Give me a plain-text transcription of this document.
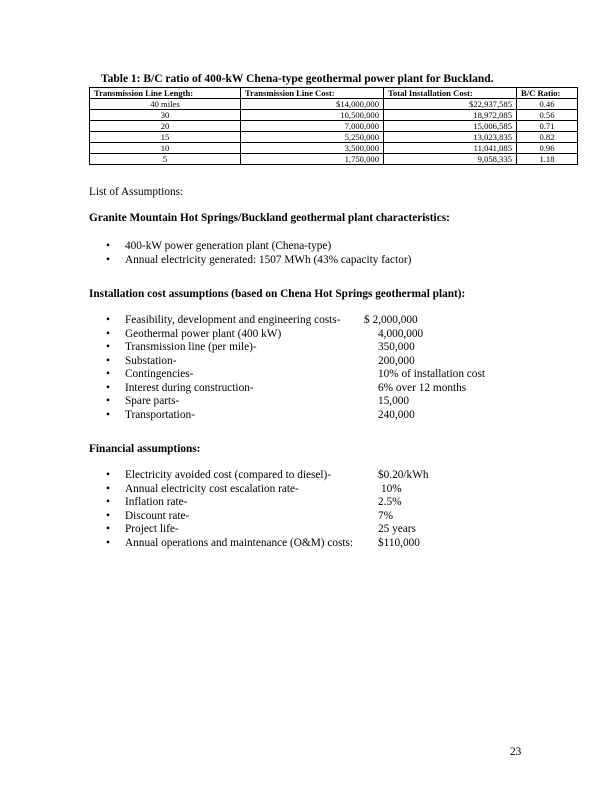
Table 1: B/C ratio of 400-kW Chena-type geothermal power plant for Buckland.
Transmission Line Length:	Transmission Line Cost:	Total Installation Cost:	B/C Ratio:
40 miles	$14,000,000	$22,937,585	0.46
30	10,500,000	18,972,085	0.56
20	7,000,000	15,006,585	0.71
15	5,250,000	13,023,835	0.82
10	3,500,000	11,041,085	0.96
5	1,750,000	9,058,335	1.18
List of Assumptions:
Granite Mountain Hot Springs/Buckland geothermal plant characteristics:
• 400-kW power generation plant (Chena-type)
• Annual electricity generated: 1507 MWh (43% capacity factor)
Installation cost assumptions (based on Chena Hot Springs geothermal plant):
• Feasibility, development and engineering costs- $ 2,000,000
• Geothermal power plant (400 kW)	4,000,000
• Transmission line (per mile)-	350,000
• Substation-	200,000
• Contingencies-	10% of installation cost
• Interest during construction-	6% over 12 months
• Spare parts-	15,000
• Transportation-	240,000
Financial assumptions:
• Electricity avoided cost (compared to diesel)-	$0.20/kWh
• Annual electricity cost escalation rate-	10%
• Inflation rate-	2.5%
• Discount rate-	7%
• Project life-	25 years
• Annual operations and maintenance (O&M) costs: $110,000
23
